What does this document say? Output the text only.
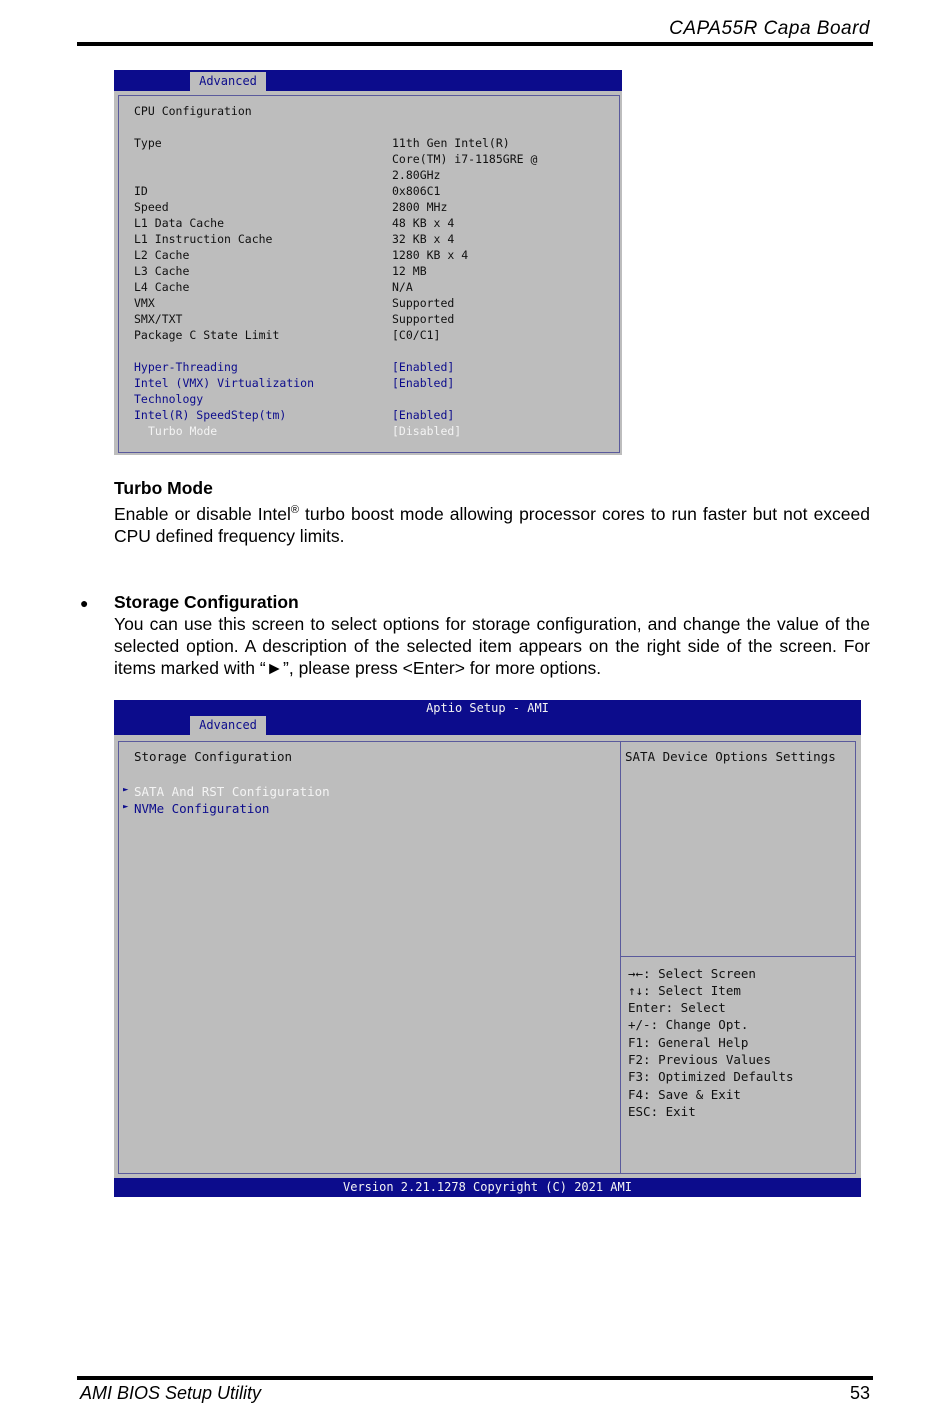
CAPA55R Capa Board
Advanced
CPU Configuration
Type	11th Gen Intel(R)
Core(TM) i7-1185GRE @
2.80GHz
ID	0x806C1
Speed	2800 MHz
L1 Data Cache	48 KB x 4
L1 Instruction Cache	32 KB x 4
L2 Cache	1280 KB x 4
L3 Cache	12 MB
L4 Cache	N/A
VMX	Supported
SMX/TXT	Supported
Package C State Limit	[C0/C1]
Hyper-Threading	[Enabled]
Intel (VMX) Virtualization	[Enabled]
Technology
Intel(R) SpeedStep(tm)	[Enabled]
Turbo Mode	[Disabled]
Turbo Mode
Enable or disable Intel® turbo boost mode allowing processor cores to run faster but not exceed CPU defined frequency limits.
● Storage Configuration
You can use this screen to select options for storage configuration, and change the value of the selected option. A description of the selected item appears on the right side of the screen. For items marked with “►”, please press <Enter> for more options.
Aptio Setup - AMI
Advanced
Storage Configuration
► SATA And RST Configuration
► NVMe Configuration
SATA Device Options Settings
→←: Select Screen
↑↓: Select Item
Enter: Select
+/-: Change Opt.
F1: General Help
F2: Previous Values
F3: Optimized Defaults
F4: Save & Exit
ESC: Exit
Version 2.21.1278 Copyright (C) 2021 AMI
AMI BIOS Setup Utility	53
